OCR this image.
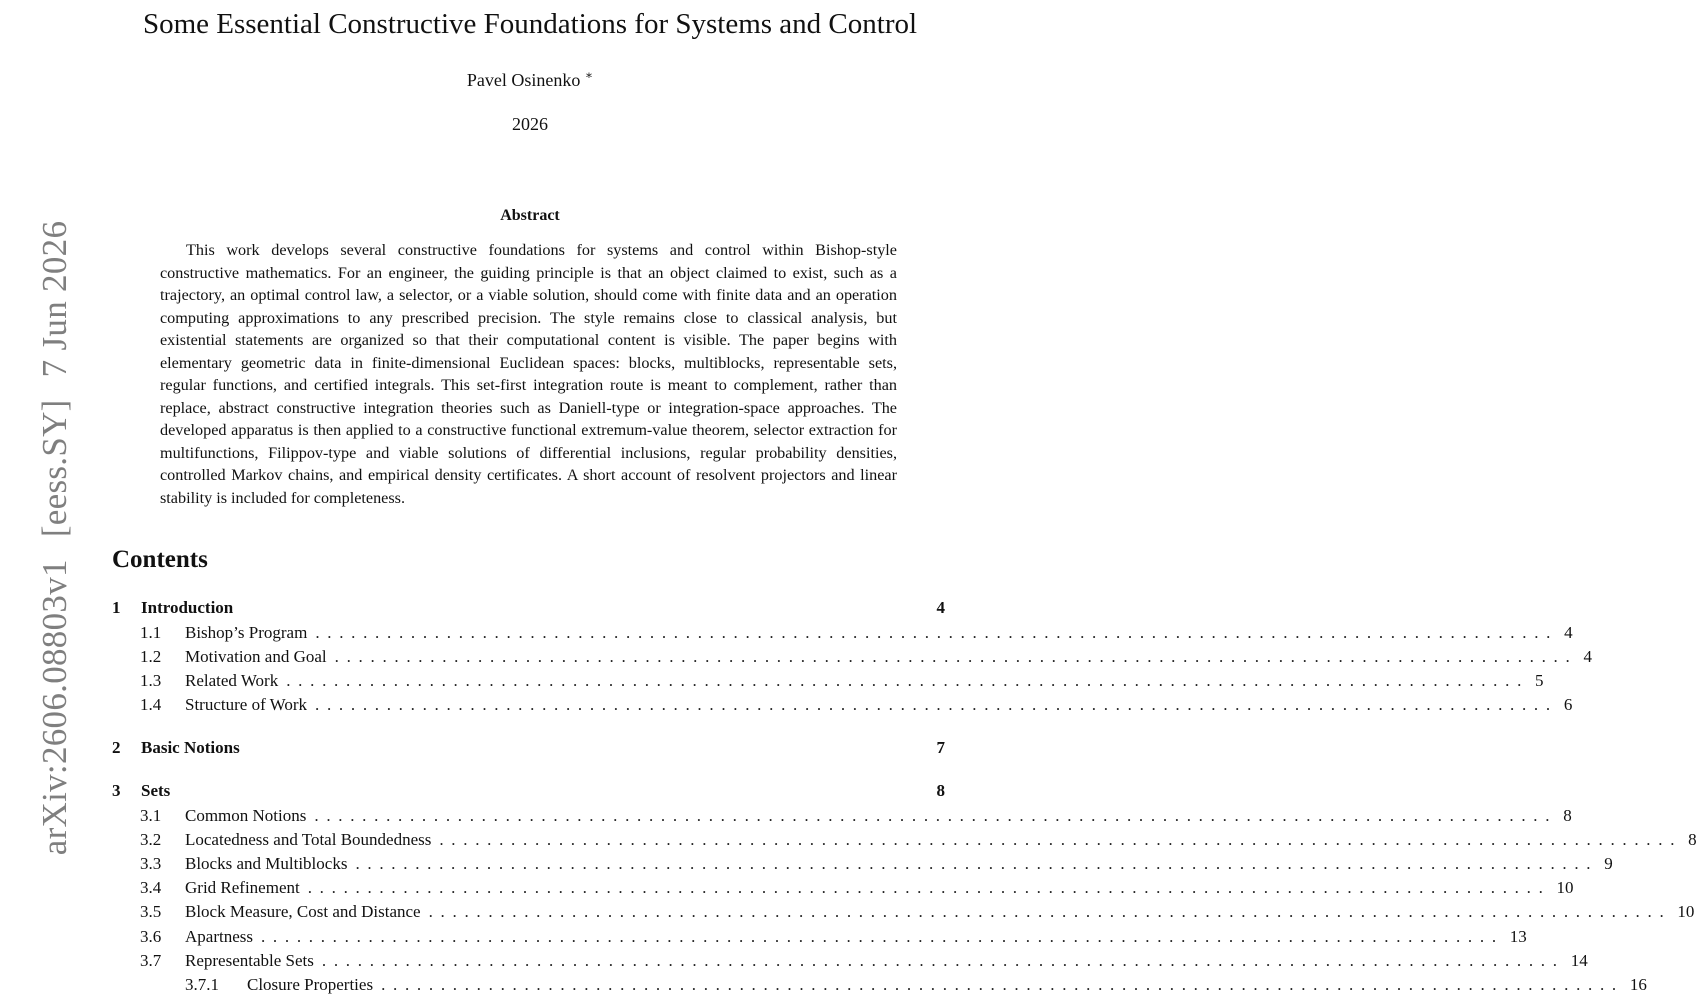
arXiv:2606.08803v1[eess.SY]7 Jun 2026
Some Essential Constructive Foundations for Systems and Control
Pavel Osinenko ∗
2026
Abstract

This work develops several constructive foundations for systems and control within Bishop-style constructive mathematics. For an engineer, the guiding principle is that an object claimed to exist, such as a trajectory, an optimal control law, a selector, or a viable solution, should come with finite data and an operation computing approximations to any prescribed precision. The style remains close to classical analysis, but existential statements are organized so that their computational content is visible. The paper begins with elementary geometric data in finite-dimensional Euclidean spaces: blocks, multiblocks, representable sets, regular functions, and certified integrals. This set-first integration route is meant to complement, rather than replace, abstract constructive integration theories such as Daniell-type or integration-space approaches. The developed apparatus is then applied to a constructive functional extremum-value theorem, selector extraction for multifunctions, Filippov-type and viable solutions of differential inclusions, regular probability densities, controlled Markov chains, and empirical density certificates. A short account of resolvent projectors and linear stability is included for completeness.

Contents
1	Introduction	4
1.1	Bishop’s Program ........................................................................................................ 4
1.2	Motivation and Goal ........................................................................................................ 4
1.3	Related Work ........................................................................................................ 5
1.4	Structure of Work ........................................................................................................ 6
2	Basic Notions	7
3	Sets	8
3.1	Common Notions ........................................................................................................ 8
3.2	Locatedness and Total Boundedness ........................................................................................................ 8
3.3	Blocks and Multiblocks ........................................................................................................ 9
3.4	Grid Refinement ........................................................................................................ 10
3.5	Block Measure, Cost and Distance ........................................................................................................ 10
3.6	Apartness ........................................................................................................ 13
3.7	Representable Sets ........................................................................................................ 14
3.7.1	Closure Properties ........................................................................................................ 16
